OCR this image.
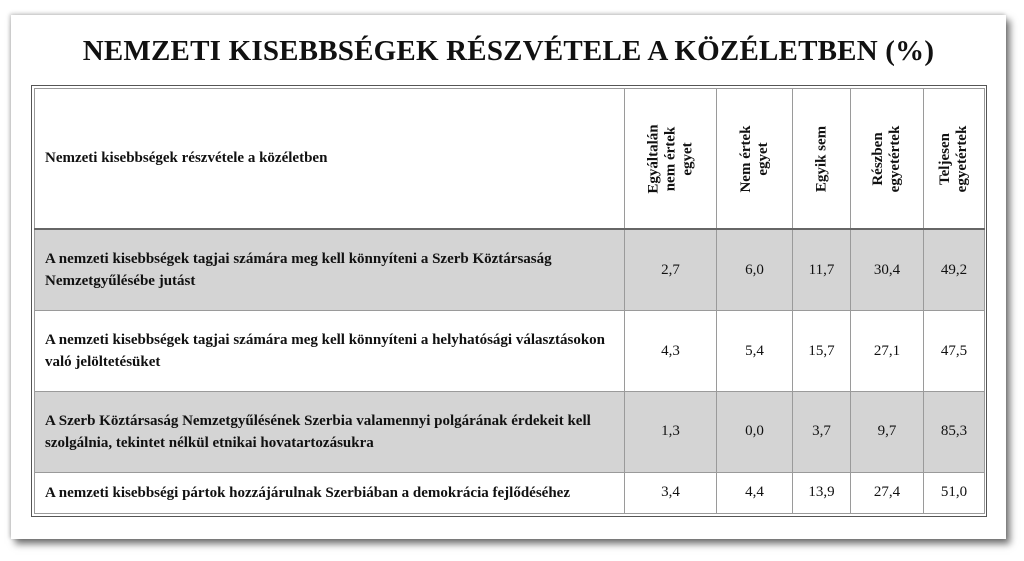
NEMZETI KISEBBSÉGEK RÉSZVÉTELE A KÖZÉLETBEN (%)
Nemzeti kisebbségek részvétele a közéletben	Egyáltalán nem értek egyet	Nem értek egyet	Egyik sem	Részben egyetértek	Teljesen egyetértek

A nemzeti kisebbségek tagjai számára meg kell könnyíteni a Szerb Köztársaság Nemzetgyűlésébe jutást	2,7	6,0	11,7	30,4	49,2
A nemzeti kisebbségek tagjai számára meg kell könnyíteni a helyhatósági választásokon való jelöltetésüket	4,3	5,4	15,7	27,1	47,5
A Szerb Köztársaság Nemzetgyűlésének Szerbia valamennyi polgárának érdekeit kell szolgálnia, tekintet nélkül etnikai hovatartozásukra	1,3	0,0	3,7	9,7	85,3
A nemzeti kisebbségi pártok hozzájárulnak Szerbiában a demokrácia fejlődéséhez	3,4	4,4	13,9	27,4	51,0
